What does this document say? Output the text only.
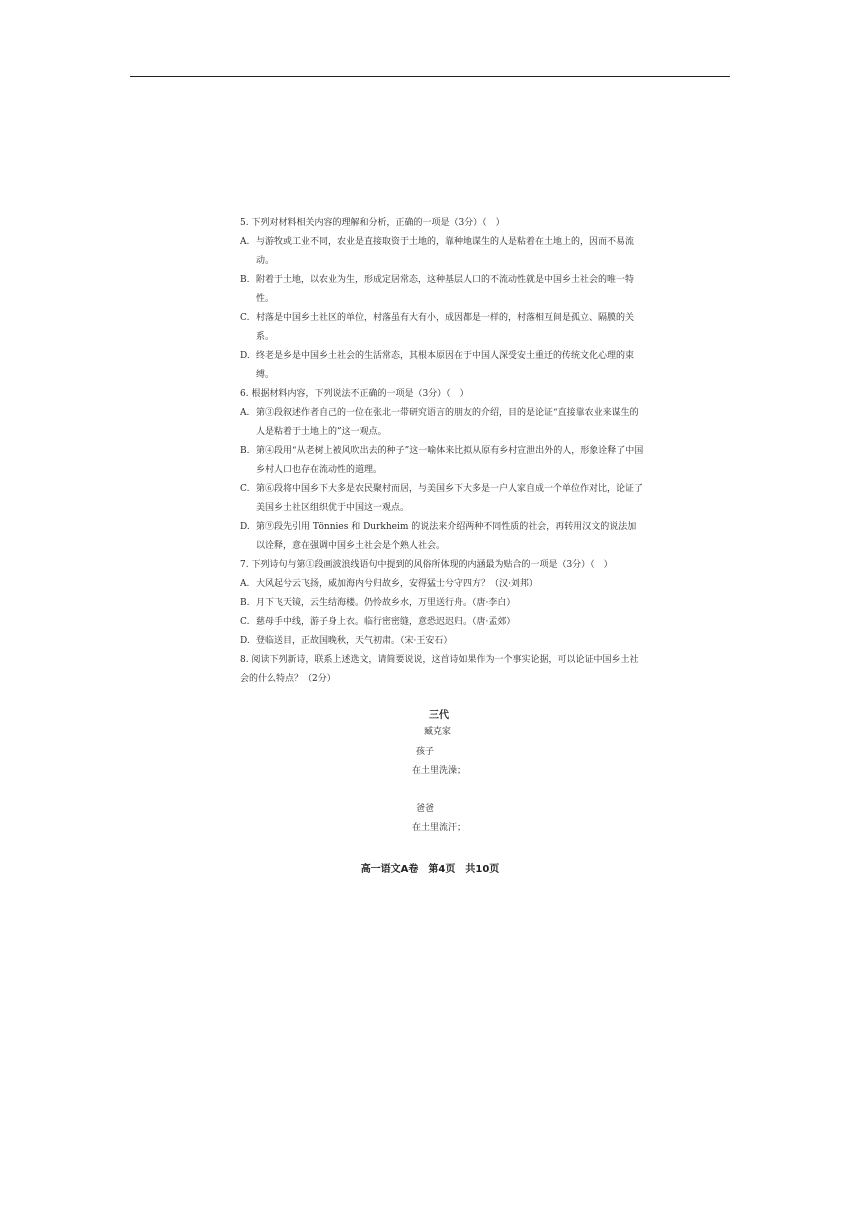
5. 下列对材料相关内容的理解和分析，正确的一项是（3分）（　）
A. 与游牧或工业不同，农业是直接取资于土地的，靠种地谋生的人是粘着在土地上的，因而不易流动。
B. 附着于土地，以农业为生，形成定居常态，这种基层人口的不流动性就是中国乡土社会的唯一特性。
C. 村落是中国乡土社区的单位，村落虽有大有小，成因都是一样的，村落相互间是孤立、隔膜的关系。
D. 终老是乡是中国乡土社会的生活常态，其根本原因在于中国人深受安土重迁的传统文化心理的束缚。
6. 根据材料内容，下列说法不正确的一项是（3分）（　）
A. 第③段叙述作者自己的一位在张北一带研究语言的朋友的介绍，目的是论证“直接靠农业来谋生的人是粘着于土地上的”这一观点。
B. 第④段用“从老树上被风吹出去的种子”这一喻体来比拟从原有乡村宣泄出外的人，形象诠释了中国乡村人口也存在流动性的道理。
C. 第⑥段将中国乡下大多是农民聚村而居，与美国乡下大多是一户人家自成一个单位作对比，论证了美国乡土社区组织优于中国这一观点。
D. 第⑨段先引用 Tönnies 和 Durkheim 的说法来介绍两种不同性质的社会，再转用汉文的说法加以诠释，意在强调中国乡土社会是个熟人社会。
7. 下列诗句与第①段画波浪线语句中提到的风俗所体现的内涵最为贴合的一项是（3分）（　）
A. 大风起兮云飞扬，威加海内兮归故乡，安得猛士兮守四方？（汉·刘邦）
B. 月下飞天镜，云生结海楼。仍怜故乡水，万里送行舟。（唐·李白）
C. 慈母手中线，游子身上衣。临行密密缝，意恐迟迟归。（唐·孟郊）
D. 登临送目，正故国晚秋，天气初肃。（宋·王安石）
8. 阅读下列新诗，联系上述选文，请简要说说，这首诗如果作为一个事实论据，可以论证中国乡土社会的什么特点？（2分）
三代
臧克家
孩子
在土里洗澡；
爸爸
在土里流汗；
高一语文A卷　第4页　共10页
